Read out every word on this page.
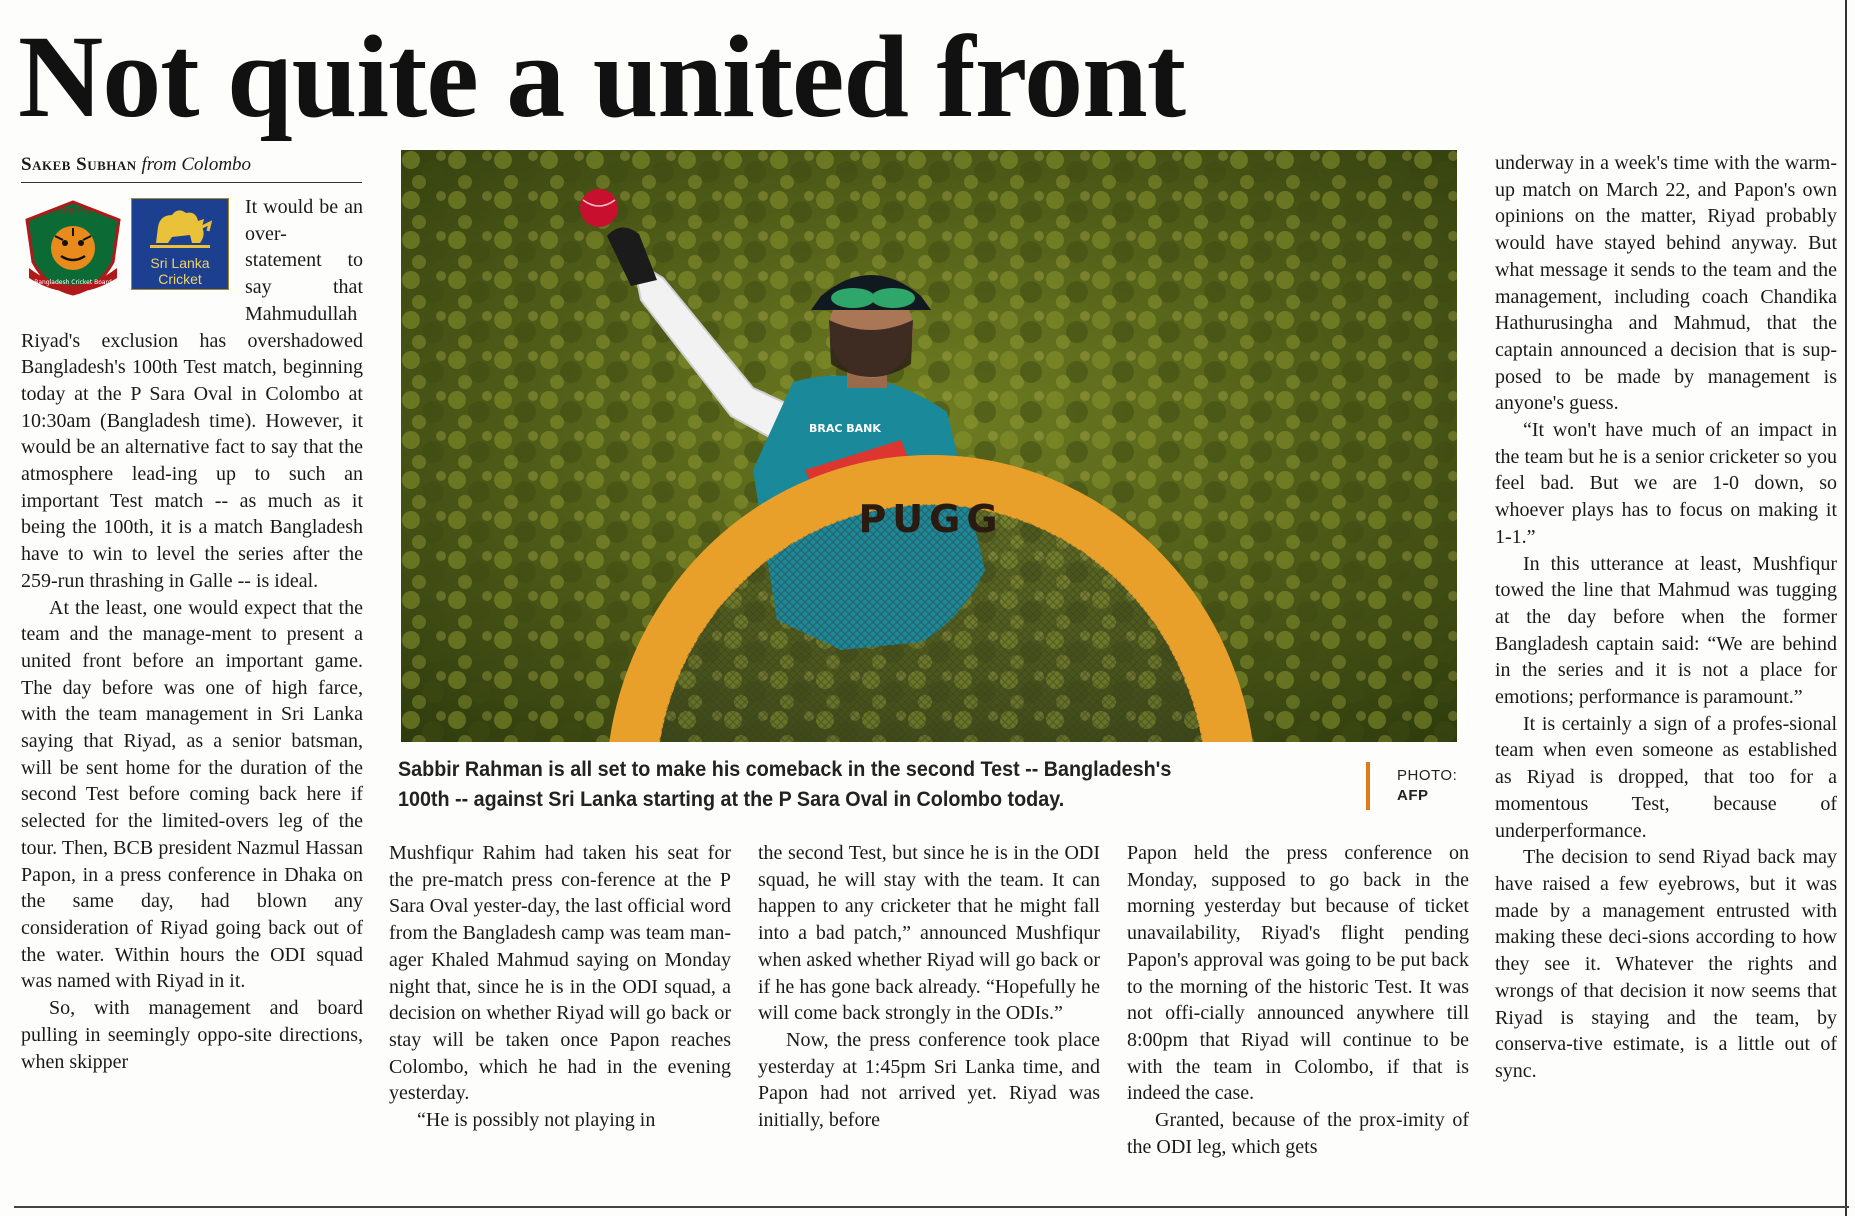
Not quite a united front
Sakeb Subhan from Colombo
বাংলাদেশ
Bangladesh Cricket Board
Sri Lanka
Cricket

It would be an over-statement to say that Mahmudullah Riyad's exclusion has overshadowed Bangladesh's 100th Test match, beginning today at the P Sara Oval in Colombo at 10:30am (Bangladesh time). However, it would be an alternative fact to say that the atmosphere lead-ing up to such an important Test match -- as much as it being the 100th, it is a match Bangladesh have to win to level the series after the 259-run thrashing in Galle -- is ideal.

At the least, one would expect that the team and the manage-ment to present a united front before an important game. The day before was one of high farce, with the team management in Sri Lanka saying that Riyad, as a senior batsman, will be sent home for the duration of the second Test before coming back here if selected for the limited-overs leg of the tour. Then, BCB president Nazmul Hassan Papon, in a press conference in Dhaka on the same day, had blown any consideration of Riyad going back out of the water. Within hours the ODI squad was named with Riyad in it.

So, with management and board pulling in seemingly oppo-site directions, when skipper

রবি
BRAC BANK
PUGG
Sabbir Rahman is all set to make his comeback in the second Test -- Bangladesh's 100th -- against Sri Lanka starting at the P Sara Oval in Colombo today.
PHOTO:
AFP

Mushfiqur Rahim had taken his seat for the pre-match press con-ference at the P Sara Oval yester-day, the last official word from the Bangladesh camp was team man-ager Khaled Mahmud saying on Monday night that, since he is in the ODI squad, a decision on whether Riyad will go back or stay will be taken once Papon reaches Colombo, which he had in the evening yesterday.

“He is possibly not playing in

the second Test, but since he is in the ODI squad, he will stay with the team. It can happen to any cricketer that he might fall into a bad patch,” announced Mushfiqur when asked whether Riyad will go back or if he has gone back already. “Hopefully he will come back strongly in the ODIs.”

Now, the press conference took place yesterday at 1:45pm Sri Lanka time, and Papon had not arrived yet. Riyad was initially, before

Papon held the press conference on Monday, supposed to go back in the morning yesterday but because of ticket unavailability, Riyad's flight pending Papon's approval was going to be put back to the morning of the historic Test. It was not offi-cially announced anywhere till 8:00pm that Riyad will continue to be with the team in Colombo, if that is indeed the case.

Granted, because of the prox-imity of the ODI leg, which gets

underway in a week's time with the warm-up match on March 22, and Papon's own opinions on the matter, Riyad probably would have stayed behind anyway. But what message it sends to the team and the management, including coach Chandika Hathurusingha and Mahmud, that the captain announced a decision that is sup-posed to be made by management is anyone's guess.

“It won't have much of an impact in the team but he is a senior cricketer so you feel bad. But we are 1-0 down, so whoever plays has to focus on making it 1-1.”

In this utterance at least, Mushfiqur towed the line that Mahmud was tugging at the day before when the former Bangladesh captain said: “We are behind in the series and it is not a place for emotions; performance is paramount.”

It is certainly a sign of a profes-sional team when even someone as established as Riyad is dropped, that too for a momentous Test, because of underperformance.

The decision to send Riyad back may have raised a few eyebrows, but it was made by a management entrusted with making these deci-sions according to how they see it. Whatever the rights and wrongs of that decision it now seems that Riyad is staying and the team, by conserva-tive estimate, is a little out of sync.
